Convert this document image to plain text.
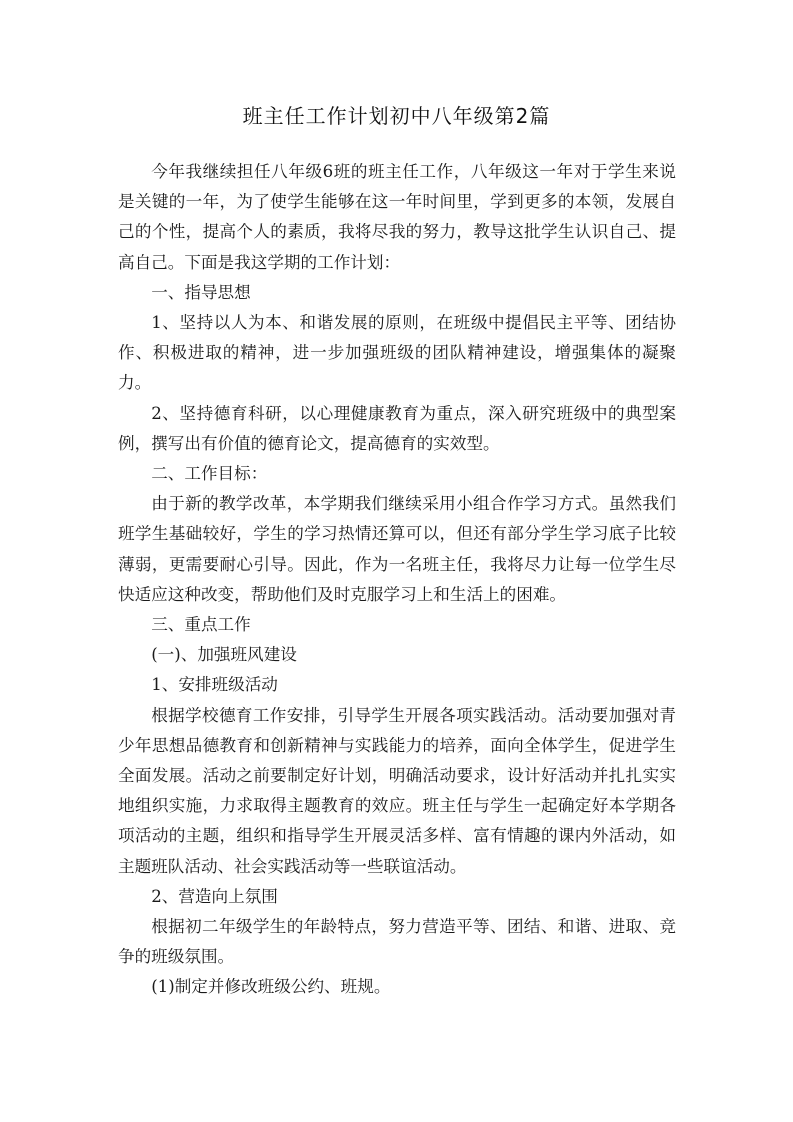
班主任工作计划初中八年级第2篇

今年我继续担任八年级6班的班主任工作，八年级这一年对于学生来说是关键的一年，为了使学生能够在这一年时间里，学到更多的本领，发展自己的个性，提高个人的素质，我将尽我的努力，教导这批学生认识自己、提高自己。下面是我这学期的工作计划：

一、指导思想

1、坚持以人为本、和谐发展的原则，在班级中提倡民主平等、团结协作、积极进取的精神，进一步加强班级的团队精神建设，增强集体的凝聚力。

2、坚持德育科研，以心理健康教育为重点，深入研究班级中的典型案例，撰写出有价值的德育论文，提高德育的实效型。

二、工作目标：

由于新的教学改革，本学期我们继续采用小组合作学习方式。虽然我们班学生基础较好，学生的学习热情还算可以，但还有部分学生学习底子比较薄弱，更需要耐心引导。因此，作为一名班主任，我将尽力让每一位学生尽快适应这种改变，帮助他们及时克服学习上和生活上的困难。

三、重点工作

(一)、加强班风建设

1、安排班级活动

根据学校德育工作安排，引导学生开展各项实践活动。活动要加强对青少年思想品德教育和创新精神与实践能力的培养，面向全体学生，促进学生全面发展。活动之前要制定好计划，明确活动要求，设计好活动并扎扎实实地组织实施，力求取得主题教育的效应。班主任与学生一起确定好本学期各项活动的主题，组织和指导学生开展灵活多样、富有情趣的课内外活动，如主题班队活动、社会实践活动等一些联谊活动。

2、营造向上氛围

根据初二年级学生的年龄特点，努力营造平等、团结、和谐、进取、竞争的班级氛围。

(1)制定并修改班级公约、班规。
